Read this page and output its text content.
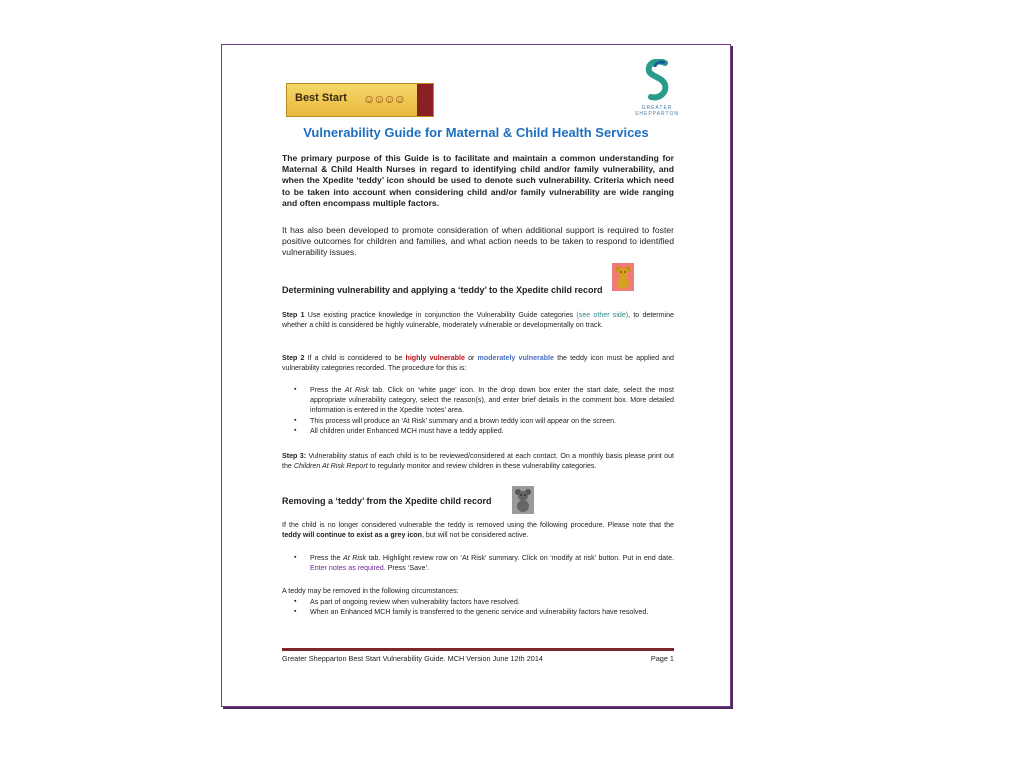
Best Start ☺☺☺☺
GREATER SHEPPARTON
Vulnerability Guide for Maternal & Child Health Services
The primary purpose of this Guide is to facilitate and maintain a common understanding for Maternal & Child Health Nurses in regard to identifying child and/or family vulnerability, and when the Xpedite ‘teddy’ icon should be used to denote such vulnerability. Criteria which need to be taken into account when considering child and/or family vulnerability are wide ranging and often encompass multiple factors.
It has also been developed to promote consideration of when additional support is required to foster positive outcomes for children and families, and what action needs to be taken to respond to identified vulnerability issues.
Determining vulnerability and applying a ‘teddy’ to the Xpedite child record
Step 1 Use existing practice knowledge in conjunction the Vulnerability Guide categories (see other side), to determine whether a child is considered be highly vulnerable, moderately vulnerable or developmentally on track.
Step 2 If a child is considered to be highly vulnerable or moderately vulnerable the teddy icon must be applied and vulnerability categories recorded. The procedure for this is:
▪ Press the At Risk tab. Click on ‘white page’ icon. In the drop down box enter the start date, select the most appropriate vulnerability category, select the reason(s), and enter brief details in the comment box. More detailed information is entered in the Xpedite ‘notes’ area.
▪ This process will produce an ‘At Risk’ summary and a brown teddy icon will appear on the screen.
▪ All children under Enhanced MCH must have a teddy applied.
Step 3: Vulnerability status of each child is to be reviewed/considered at each contact. On a monthly basis please print out the Children At Risk Report to regularly monitor and review children in these vulnerability categories.
Removing a ‘teddy’ from the Xpedite child record
If the child is no longer considered vulnerable the teddy is removed using the following procedure. Please note that the teddy will continue to exist as a grey icon, but will not be considered active.
▪ Press the At Risk tab. Highlight review row on ‘At Risk’ summary. Click on ‘modify at risk’ button. Put in end date. Enter notes as required. Press ‘Save’.
A teddy may be removed in the following circumstances:
▪ As part of ongoing review when vulnerability factors have resolved.
▪ When an Enhanced MCH family is transferred to the generic service and vulnerability factors have resolved.
Greater Shepparton Best Start Vulnerability Guide. MCH Version June 12th 2014	Page 1
